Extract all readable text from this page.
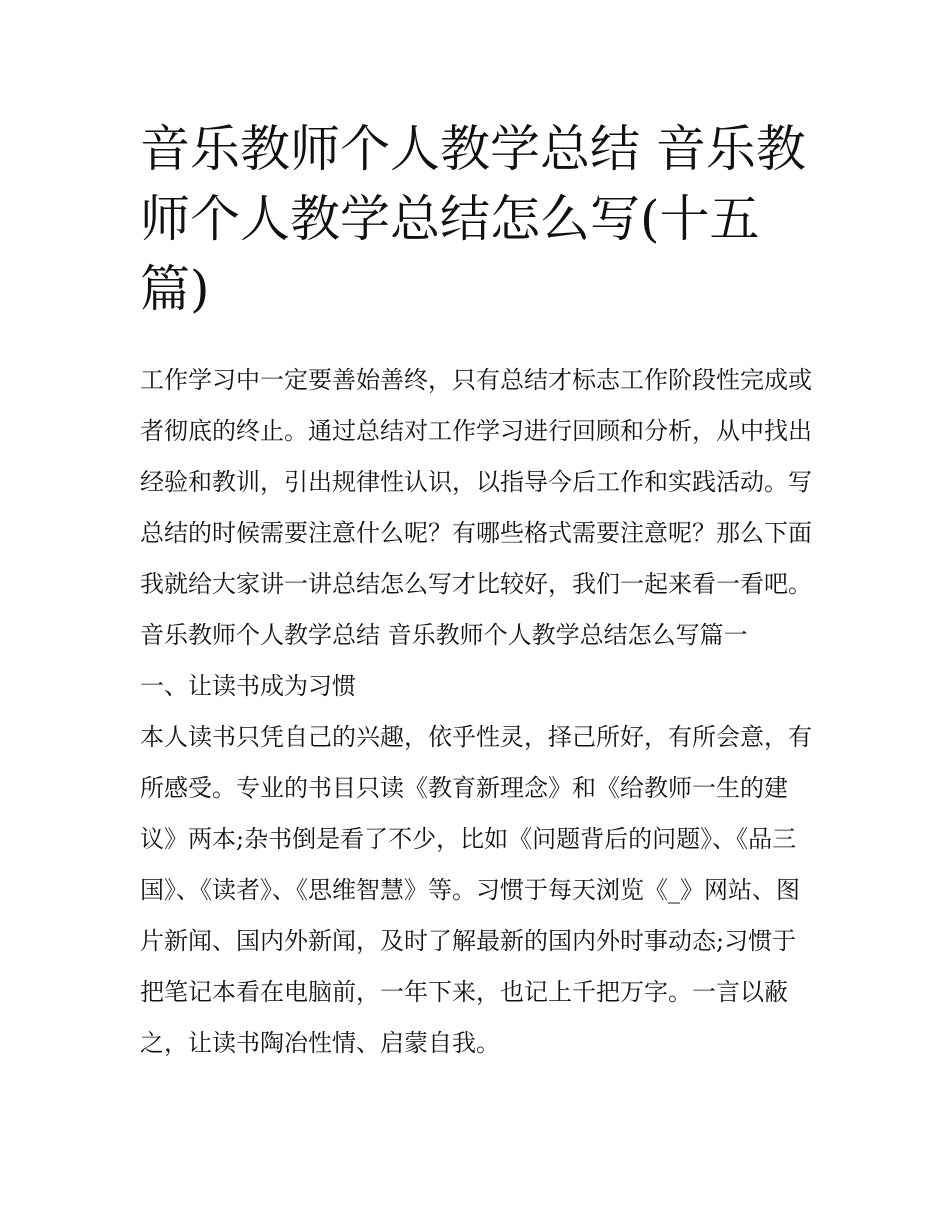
音乐教师个人教学总结 音乐教师个人教学总结怎么写(十五篇)

工作学习中一定要善始善终，只有总结才标志工作阶段性完成或者彻底的终止。通过总结对工作学习进行回顾和分析，从中找出经验和教训，引出规律性认识，以指导今后工作和实践活动。写总结的时候需要注意什么呢？有哪些格式需要注意呢？那么下面我就给大家讲一讲总结怎么写才比较好，我们一起来看一看吧。

音乐教师个人教学总结 音乐教师个人教学总结怎么写篇一

一、让读书成为习惯

本人读书只凭自己的兴趣，依乎性灵，择己所好，有所会意，有所感受。专业的书目只读《教育新理念》和《给教师一生的建议》两本;杂书倒是看了不少，比如《问题背后的问题》、《品三国》、《读者》、《思维智慧》等。习惯于每天浏览《_》网站、图片新闻、国内外新闻，及时了解最新的国内外时事动态;习惯于把笔记本看在电脑前，一年下来，也记上千把万字。一言以蔽之，让读书陶冶性情、启蒙自我。
